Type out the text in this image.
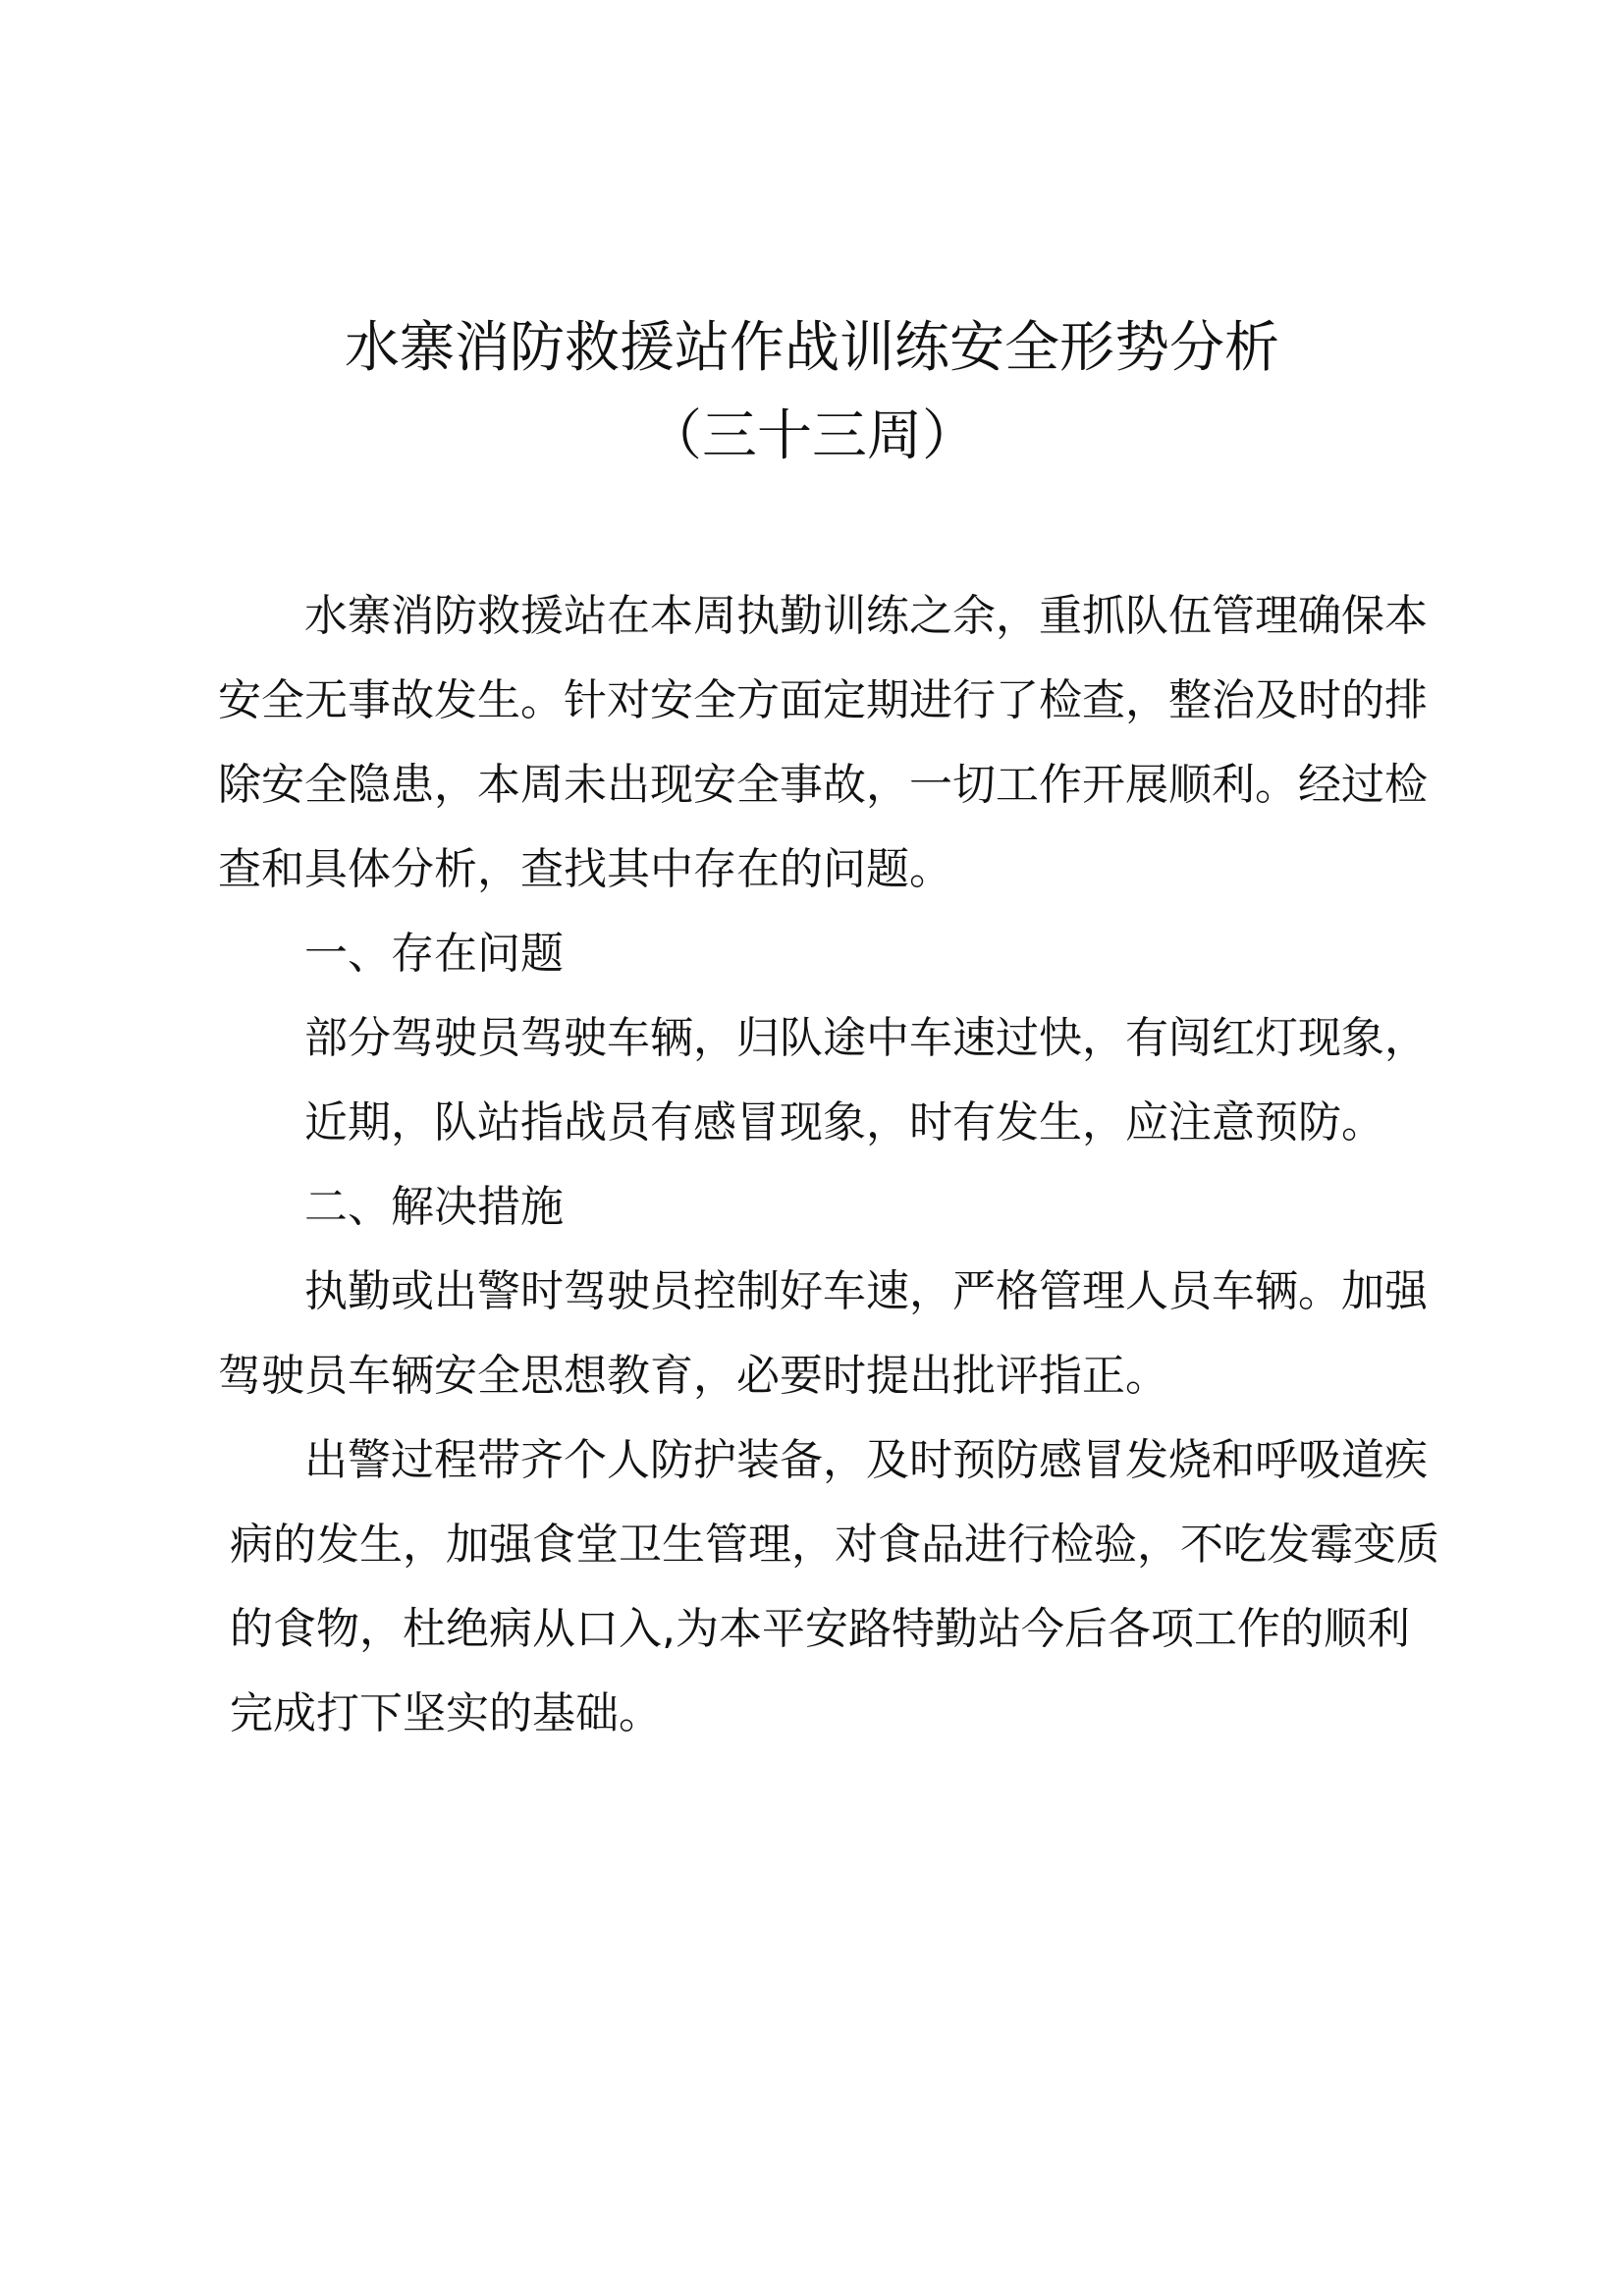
水寨消防救援站作战训练安全形势分析
（三十三周）

水寨消防救援站在本周执勤训练之余，重抓队伍管理确保本

安全无事故发生。针对安全方面定期进行了检查，整治及时的排

除安全隐患，本周未出现安全事故，一切工作开展顺利。经过检

查和具体分析，查找其中存在的问题。

一、存在问题

部分驾驶员驾驶车辆，归队途中车速过快，有闯红灯现象，

近期，队站指战员有感冒现象，时有发生，应注意预防。

二、解决措施

执勤或出警时驾驶员控制好车速，严格管理人员车辆。加强

驾驶员车辆安全思想教育，必要时提出批评指正。

出警过程带齐个人防护装备，及时预防感冒发烧和呼吸道疾

病的发生，加强食堂卫生管理，对食品进行检验，不吃发霉变质

的食物，杜绝病从口入,为本平安路特勤站今后各项工作的顺利

完成打下坚实的基础。
